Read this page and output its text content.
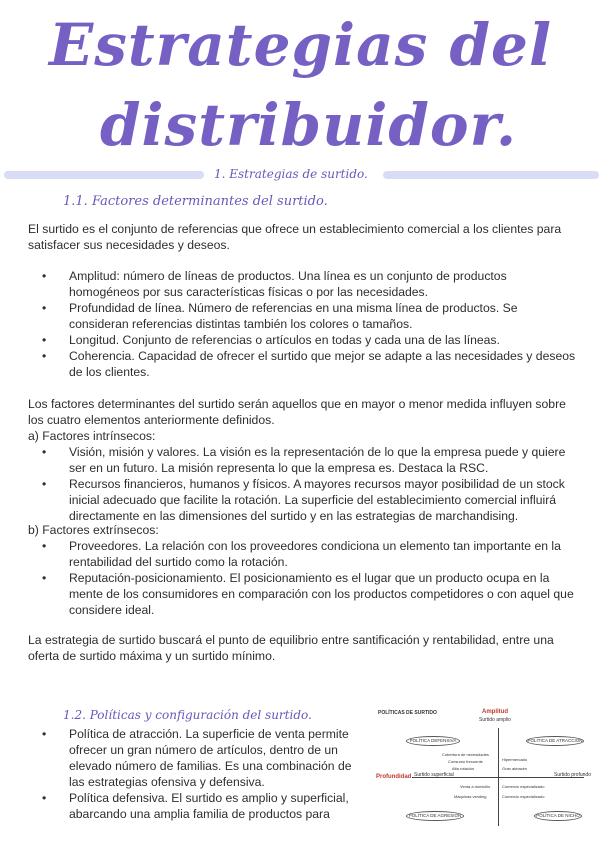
Estrategias del
distribuidor.
1. Estrategias de surtido.
1.1. Factores determinantes del surtido.

El surtido es el conjunto de referencias que ofrece un establecimiento comercial a los clientes para satisfacer sus necesidades y deseos.

• Amplitud: número de líneas de productos. Una línea es un conjunto de productos homogéneos por sus características físicas o por las necesidades.
• Profundidad de línea. Número de referencias en una misma línea de productos. Se consideran referencias distintas también los colores o tamaños.
• Longitud. Conjunto de referencias o artículos en todas y cada una de las líneas.
• Coherencia. Capacidad de ofrecer el surtido que mejor se adapte a las necesidades y deseos de los clientes.

Los factores determinantes del surtido serán aquellos que en mayor o menor medida influyen sobre los cuatro elementos anteriormente definidos.

a) Factores intrínsecos:

• Visión, misión y valores. La visión es la representación de lo que la empresa puede y quiere ser en un futuro. La misión representa lo que la empresa es. Destaca la RSC.
• Recursos financieros, humanos y físicos. A mayores recursos mayor posibilidad de un stock inicial adecuado que facilite la rotación. La superficie del establecimiento comercial influirá directamente en las dimensiones del surtido y en las estrategias de marchandising.

b) Factores extrínsecos:

• Proveedores. La relación con los proveedores condiciona un elemento tan importante en la rentabilidad del surtido como la rotación.
• Reputación-posicionamiento. El posicionamiento es el lugar que un producto ocupa en la mente de los consumidores en comparación con los productos competidores o con aquel que considere ideal.

La estrategia de surtido buscará el punto de equilibrio entre santificación y rentabilidad, entre una oferta de surtido máxima y un surtido mínimo.

1.2. Políticas y configuración del surtido.
• Política de atracción. La superficie de venta permite ofrecer un gran número de artículos, dentro de un elevado número de familias. Es una combinación de las estrategias ofensiva y defensiva.
• Política defensiva. El surtido es amplio y superficial, abarcando una amplia familia de productos para
POLÍTICAS DE SURTIDO	Amplitud
Surtido amplio
Profundidad Surtido superficial	Surtido profundo
POLÍTICA DEFENSIVA	POLÍTICA DE ATRACCIÓN
POLÍTICA DE AGRESIÓN	POLÍTICA DE NICHO
Cobertura de necesidades
Consumo frecuente
Alta rotación
Hipermercado
Gran almacén
Venta a domicilio
Máquinas vending
Comercio especializado
Comercio especializado
